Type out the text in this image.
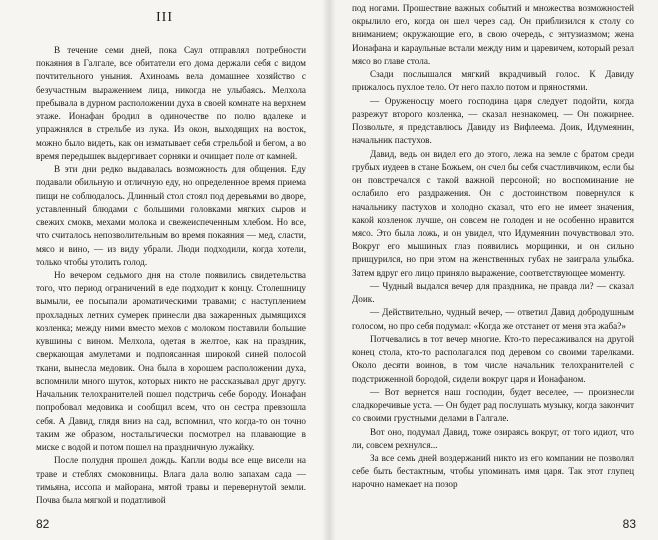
III

В течение семи дней, пока Саул отправлял потребности покаяния в Галгале, все обитатели его дома держали себя с видом почтительного уныния. Ахиноамь вела домашнее хозяйство с безучастным выражением лица, никогда не улыбаясь. Мелхола пребывала в дурном расположении духа в своей комнате на верхнем этаже. Ионафан бродил в одиночестве по полю вдалеке и упражнялся в стрельбе из лука. Из окон, выходящих на восток, можно было видеть, как он изматывает себя стрельбой и бегом, а во время передышек выдергивает сорняки и очищает поле от камней.

В эти дни редко выдавалась возможность для общения. Еду подавали обильную и отличную еду, но определенное время приема пищи не соблюдалось. Длинный стол стоял под деревьями во дворе, уставленный блюдами с большими головками мягких сыров и свежих смокв, мехами молока и свежеиспеченным хлебом. Но все, что считалось непозволительным во время покаяния — мед, сласти, мясо и вино, — из виду убрали. Люди подходили, когда хотели, только чтобы утолить голод.

Но вечером седьмого дня на столе появились свидетельства того, что период ограничений в еде подходит к концу. Столешницу вымыли, ее посыпали ароматическими травами; с наступлением прохладных летних сумерек принесли два зажаренных дымящихся козленка; между ними вместо мехов с молоком поставили большие кувшины с вином. Мелхола, одетая в желтое, как на праздник, сверкающая амулетами и подпоясанная широкой синей полосой ткани, вынесла медовик. Она была в хорошем расположении духа, вспомнили много шуток, которых никто не рассказывал друг другу. Начальник телохранителей пошел подстричь себе бороду. Ионафан попробовал медовика и сообщил всем, что он сестра превзошла себя. А Давид, глядя вниз на сад, вспомнил, что когда-то он точно таким же образом, ностальгически посмотрел на плавающие в миске с водой и потом пошел на праздничную лужайку.

После полудня прошел дождь. Капли воды все еще висели на траве и стеблях смоковницы. Влага дала волю запахам сада — тимьяна, иссопа и майорана, мятой травы и перевернутой земли. Почва была мягкой и податливой

82

под ногами. Прошествие важных событий и множества возможностей окрылило его, когда он шел через сад. Он приблизился к столу со вниманием; окружающие его, в свою очередь, с энтузиазмом; жена Ионафана и караульные встали между ним и царевичем, который резал мясо во главе стола.

Сзади послышался мягкий вкрадчивый голос. К Давиду прижалось пухлое тело. От него пахло потом и пряностями.

— Оруженосцу моего господина царя следует подойти, когда разрежут второго козленка, — сказал незнакомец. — Он пожирнее. Позвольте, я представлюсь Давиду из Вифлеема. Доик, Идумеянин, начальник пастухов.

Давид, ведь он видел его до этого, лежа на земле с братом среди грубых иудеев в стане Божьем, он счел бы себя счастливчиком, если бы он повстречался с такой важной персоной; но воспоминание не ослабило его раздражения. Он с достоинством повернулся к начальнику пастухов и холодно сказал, что его не имеет значения, какой козленок лучше, он совсем не голоден и не особенно нравится мясо. Это была ложь, и он увидел, что Идумеянин почувствовал это. Вокруг его мышиных глаз появились морщинки, и он сильно прищурился, но при этом на женственных губах не заиграла улыбка. Затем вдруг его лицо приняло выражение, соответствующее моменту.

— Чудный выдался вечер для праздника, не правда ли? — сказал Доик.

— Действительно, чудный вечер, — ответил Давид добродушным голосом, но про себя подумал: «Когда же отстанет от меня эта жаба?»

Потчевались в тот вечер многие. Кто-то пересаживался на другой конец стола, кто-то располагался под деревом со своими тарелками. Около десяти воинов, в том числе начальник телохранителей с подстриженной бородой, сидели вокруг царя и Ионафаном.

— Вот вернется наш господин, будет веселее, — произнесли сладкоречивые уста. — Он будет рад послушать музыку, когда закончит со своими грустными делами в Галгале.

Вот оно, подумал Давид, тоже озираясь вокруг, от того идиот, что ли, совсем рехнулся...

За все семь дней воздержаний никто из его компании не позволял себе быть бестактным, чтобы упоминать имя царя. Так этот глупец нарочно намекает на позор

83
